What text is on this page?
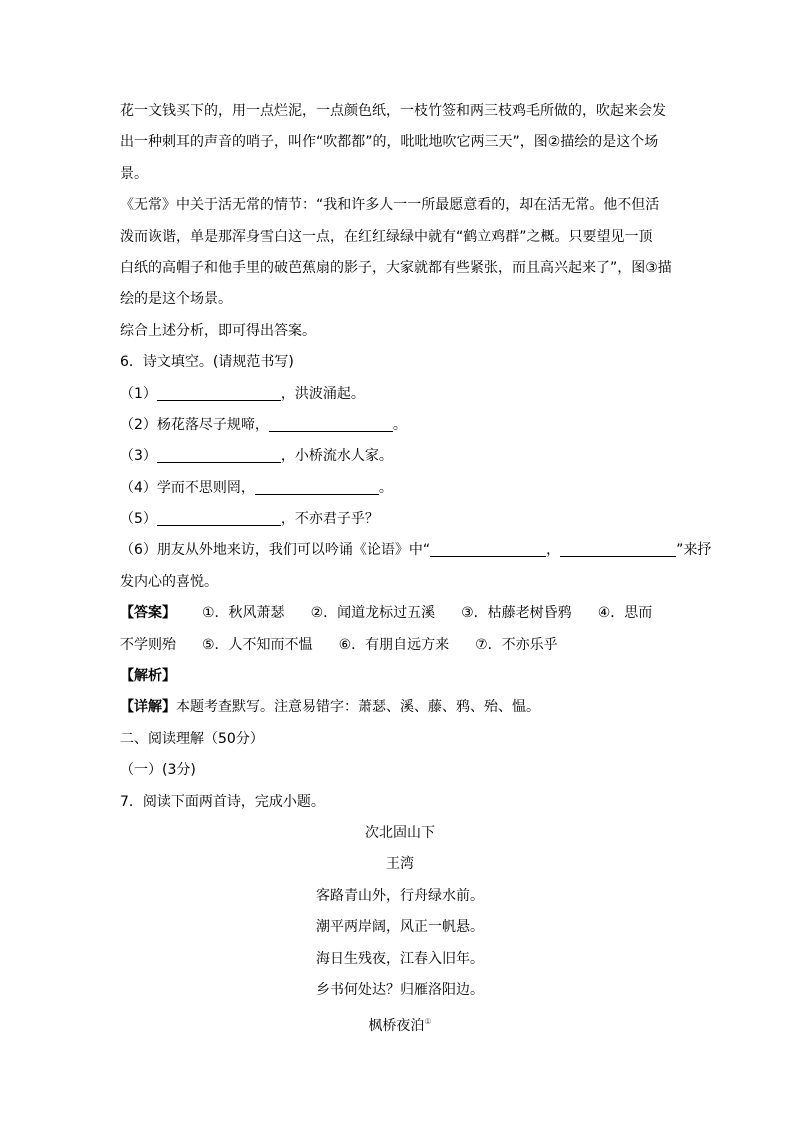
花一文钱买下的，用一点烂泥，一点颜色纸，一枝竹签和两三枝鸡毛所做的，吹起来会发
出一种刺耳的声音的哨子，叫作“吹都都”的，吡吡地吹它两三天”，图②描绘的是这个场
景。
《无常》中关于活无常的情节：“我和许多人一一所最愿意看的，却在活无常。他不但活
泼而诙谐，单是那浑身雪白这一点，在红红绿绿中就有“鹤立鸡群”之概。只要望见一顶
白纸的高帽子和他手里的破芭蕉扇的影子，大家就都有些紧张，而且高兴起来了”，图③描
绘的是这个场景。
综合上述分析，即可得出答案。
6．诗文填空。(请规范书写)
（1）	，洪波涌起。
（2）杨花落尽子规啼，	。
（3）	，小桥流水人家。
（4）学而不思则罔，	。
（5）	，不亦君子乎？
（6）朋友从外地来访，我们可以吟诵《论语》中“	，	”来抒
发内心的喜悦。
【答案】 ①．秋风萧瑟 ②．闻道龙标过五溪 ③．枯藤老树昏鸦 ④．思而
不学则殆 ⑤．人不知而不愠 ⑥．有朋自远方来 ⑦．不亦乐乎
【解析】
【详解】本题考查默写。注意易错字：萧瑟、溪、藤、鸦、殆、愠。
二、阅读理解（50分）
（一）(3分)
7．阅读下面两首诗，完成小题。
次北固山下
王湾
客路青山外，行舟绿水前。
潮平两岸阔，风正一帆悬。
海日生残夜，江春入旧年。
乡书何处达？归雁洛阳边。
枫桥夜泊①
